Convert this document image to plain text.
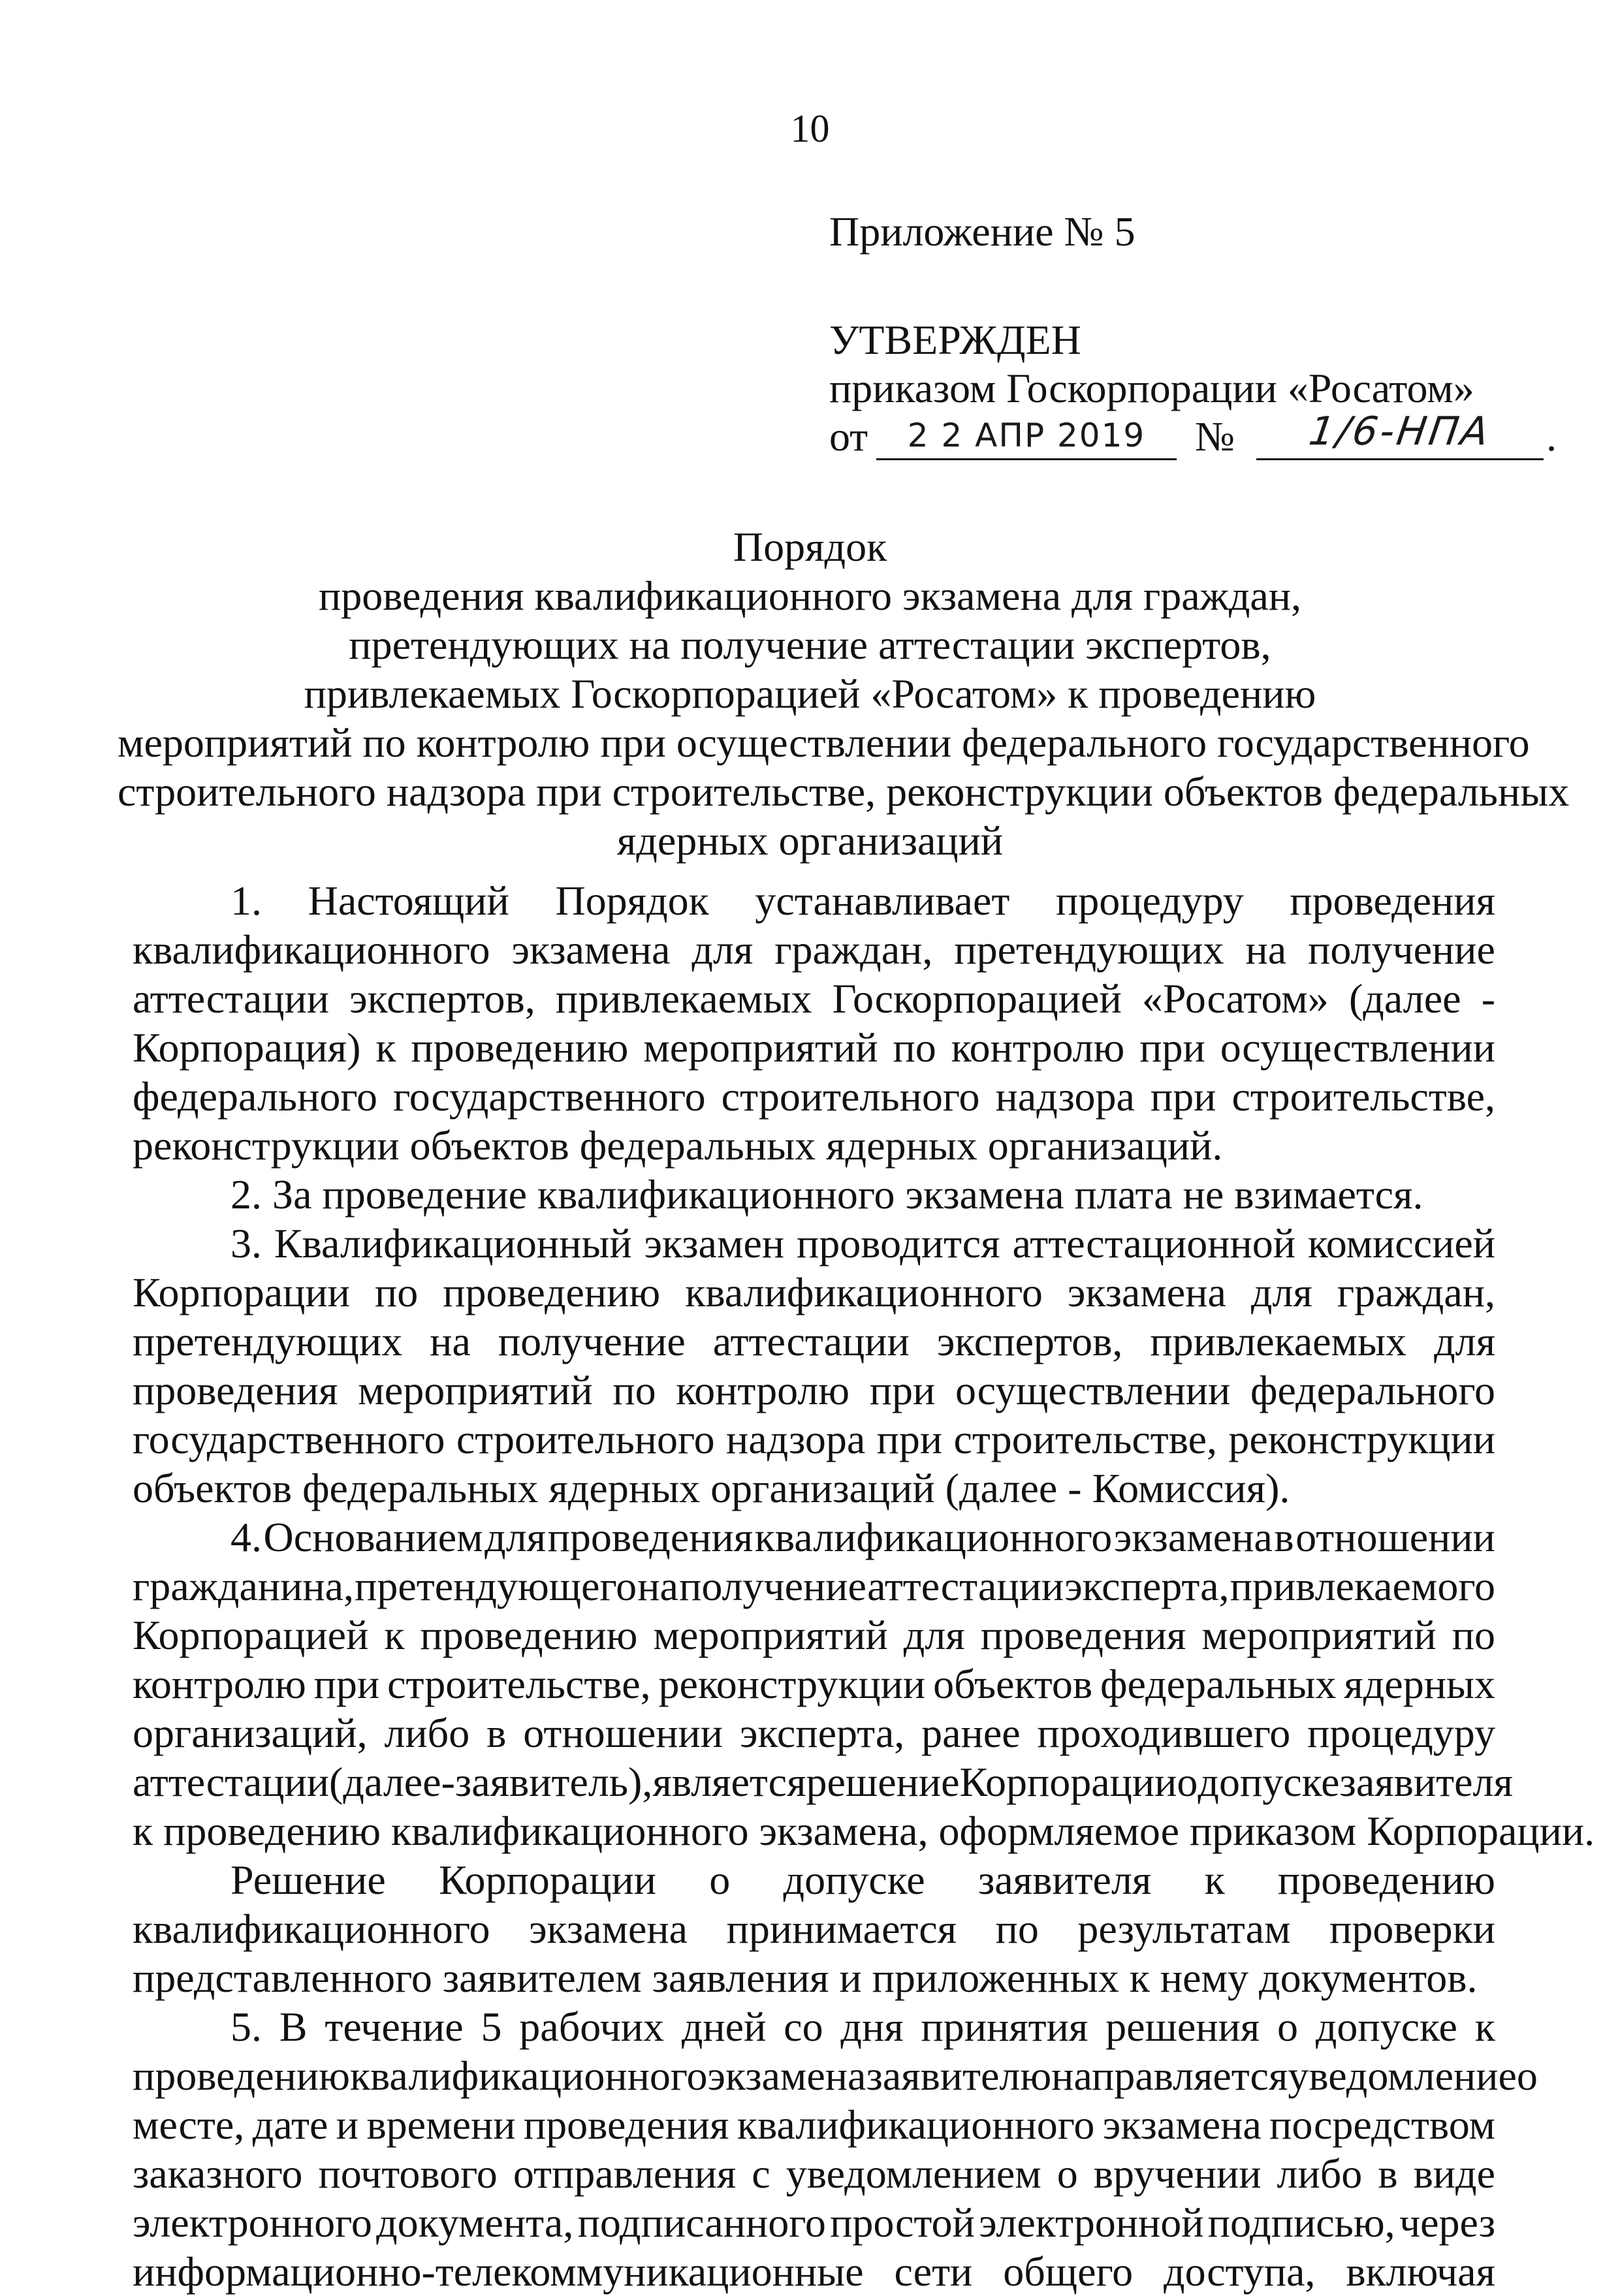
10
Приложение № 5
УТВЕРЖДЕН
приказом Госкорпорации «Росатом»
от	2 2 АПР 2019	№	1/6-НПА	.
Порядок
проведения квалификационного экзамена для граждан,
претендующих на получение аттестации экспертов,
привлекаемых Госкорпорацией «Росатом» к проведению
мероприятий по контролю при осуществлении федерального государственного
строительного надзора при строительстве, реконструкции объектов федеральных
ядерных организаций
1. Настоящий Порядок устанавливает процедуру проведения
квалификационного экзамена для граждан, претендующих на получение
аттестации экспертов, привлекаемых Госкорпорацией «Росатом» (далее -
Корпорация) к проведению мероприятий по контролю при осуществлении
федерального государственного строительного надзора при строительстве,
реконструкции объектов федеральных ядерных организаций.
2. За проведение квалификационного экзамена плата не взимается.
3. Квалификационный экзамен проводится аттестационной комиссией
Корпорации по проведению квалификационного экзамена для граждан,
претендующих на получение аттестации экспертов, привлекаемых для
проведения мероприятий по контролю при осуществлении федерального
государственного строительного надзора при строительстве, реконструкции
объектов федеральных ядерных организаций (далее - Комиссия).
4. Основанием для проведения квалификационного экзамена в отношении
гражданина, претендующего на получение аттестации эксперта, привлекаемого
Корпорацией к проведению мероприятий для проведения мероприятий по
контролю при строительстве, реконструкции объектов федеральных ядерных
организаций, либо в отношении эксперта, ранее проходившего процедуру
аттестации (далее - заявитель), является решение Корпорации о допуске заявителя
к проведению квалификационного экзамена, оформляемое приказом Корпорации.
Решение Корпорации о допуске заявителя к проведению
квалификационного экзамена принимается по результатам проверки
представленного заявителем заявления и приложенных к нему документов.
5. В течение 5 рабочих дней со дня принятия решения о допуске к
проведению квалификационного экзамена заявителю направляется уведомление о
месте, дате и времени проведения квалификационного экзамена посредством
заказного почтового отправления с уведомлением о вручении либо в виде
электронного документа, подписанного простой электронной подписью, через
информационно-телекоммуникационные сети общего доступа, включая
